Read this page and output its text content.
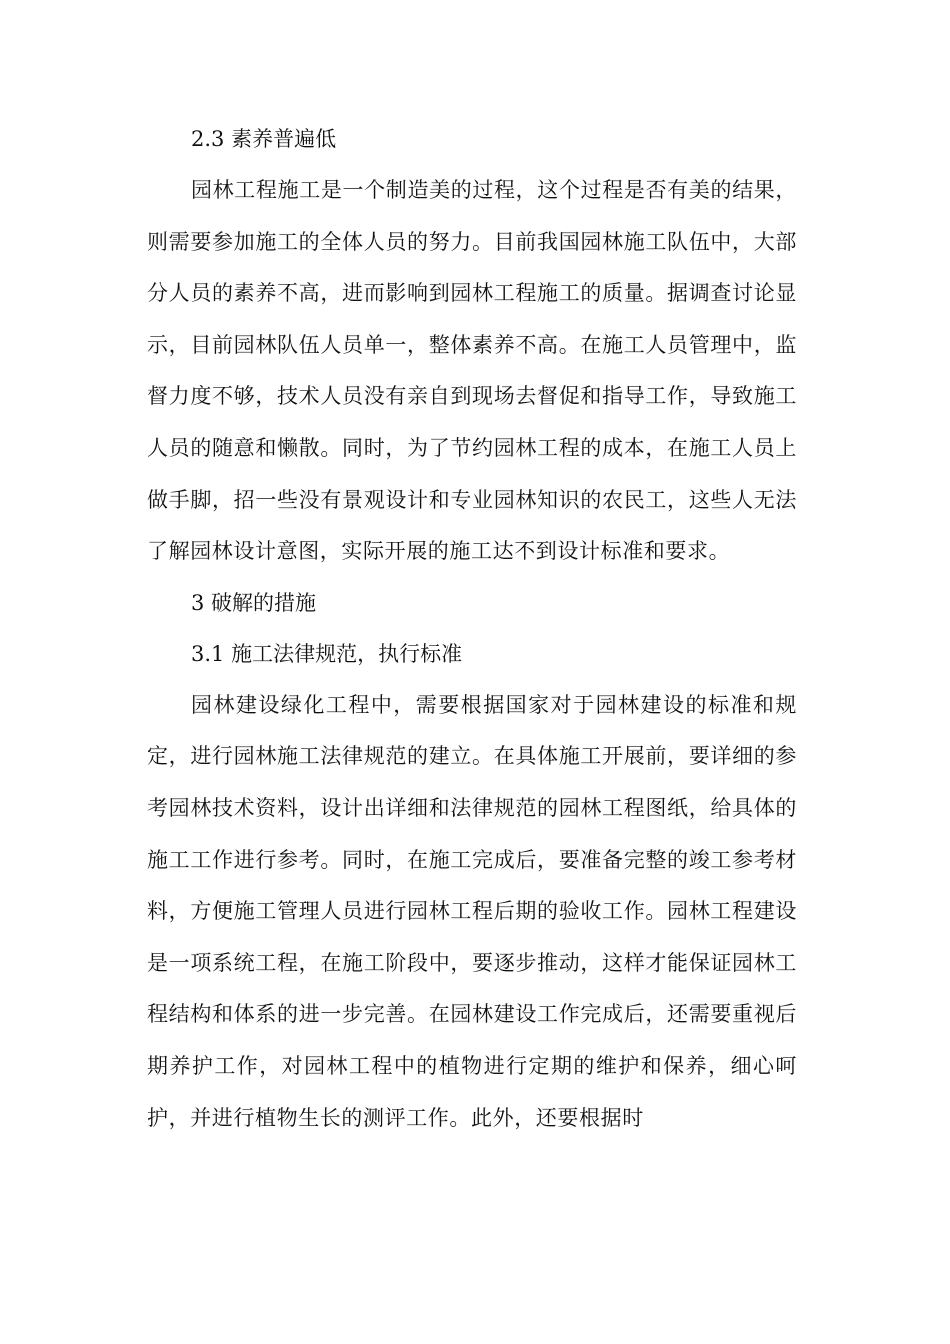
2.3 素养普遍低

园林工程施工是一个制造美的过程，这个过程是否有美的结果，则需要参加施工的全体人员的努力。目前我国园林施工队伍中，大部分人员的素养不高，进而影响到园林工程施工的质量。据调查讨论显示，目前园林队伍人员单一，整体素养不高。在施工人员管理中，监督力度不够，技术人员没有亲自到现场去督促和指导工作，导致施工人员的随意和懒散。同时，为了节约园林工程的成本，在施工人员上做手脚，招一些没有景观设计和专业园林知识的农民工，这些人无法了解园林设计意图，实际开展的施工达不到设计标准和要求。

3 破解的措施

3.1 施工法律规范，执行标准

园林建设绿化工程中，需要根据国家对于园林建设的标准和规定，进行园林施工法律规范的建立。在具体施工开展前，要详细的参考园林技术资料，设计出详细和法律规范的园林工程图纸，给具体的施工工作进行参考。同时，在施工完成后，要准备完整的竣工参考材料，方便施工管理人员进行园林工程后期的验收工作。园林工程建设是一项系统工程，在施工阶段中，要逐步推动，这样才能保证园林工程结构和体系的进一步完善。在园林建设工作完成后，还需要重视后期养护工作，对园林工程中的植物进行定期的维护和保养，细心呵护，并进行植物生长的测评工作。此外，还要根据时
